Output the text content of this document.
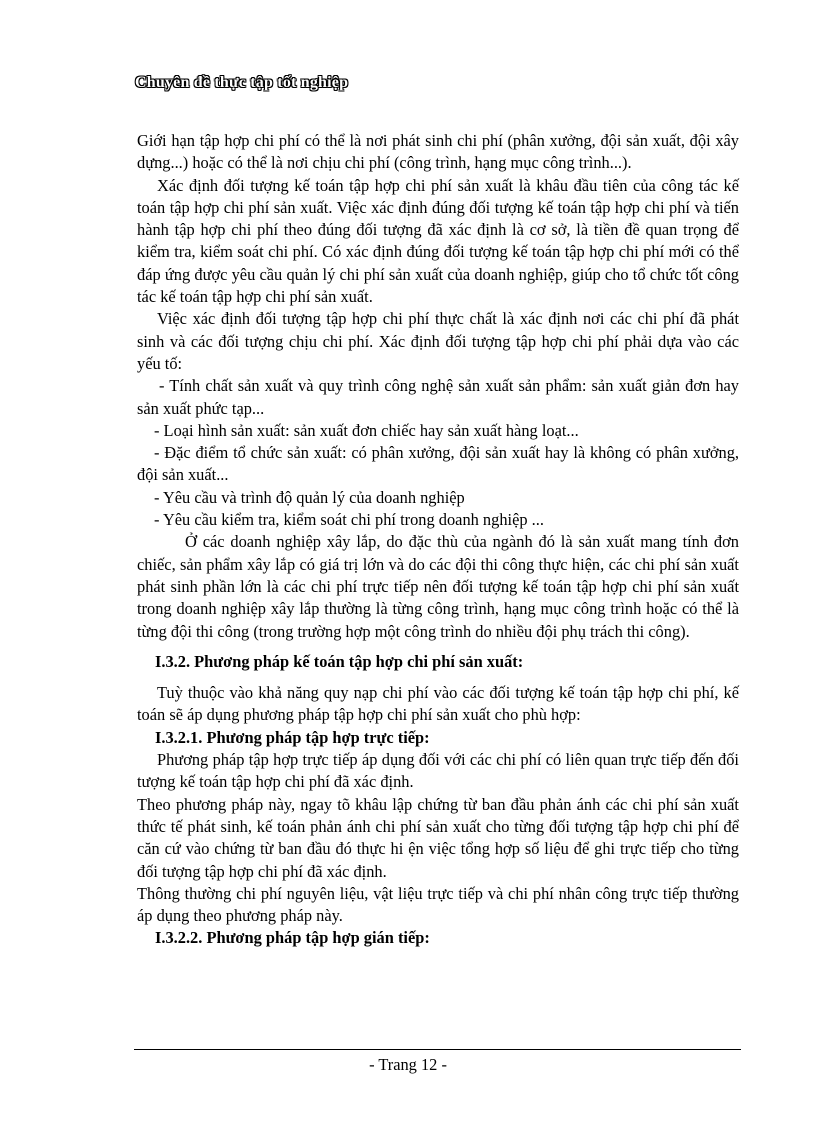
Chuyên đề thực tập tốt nghiệp

Giới hạn tập hợp chi phí có thể là nơi phát sinh chi phí (phân xưởng, đội sản xuất, đội xây dựng...) hoặc có thể là nơi chịu chi phí (công trình, hạng mục công trình...).

Xác định đối tượng kế toán tập hợp chi phí sản xuất là khâu đầu tiên của công tác kế toán tập hợp chi phí sản xuất. Việc xác định đúng đối tượng kế toán tập hợp chi phí và tiến hành tập hợp chi phí theo đúng đối tượng đã xác định là cơ sở, là tiền đề quan trọng để kiểm tra, kiểm soát chi phí. Có xác định đúng đối tượng kế toán tập hợp chi phí mới có thể đáp ứng được yêu cầu quản lý chi phí sản xuất của doanh nghiệp, giúp cho tổ chức tốt công tác kế toán tập hợp chi phí sản xuất.

Việc xác định đối tượng tập hợp chi phí thực chất là xác định nơi các chi phí đã phát sinh và các đối tượng chịu chi phí. Xác định đối tượng tập hợp chi phí phải dựa vào các yếu tố:

- Tính chất sản xuất và quy trình công nghệ sản xuất sản phẩm: sản xuất giản đơn hay sản xuất phức tạp...

- Loại hình sản xuất: sản xuất đơn chiếc hay sản xuất hàng loạt...

- Đặc điểm tổ chức sản xuất: có phân xưởng, đội sản xuất hay là không có phân xưởng, đội sản xuất...

- Yêu cầu và trình độ quản lý của doanh nghiệp

- Yêu cầu kiểm tra, kiểm soát chi phí trong doanh nghiệp ...

Ở các doanh nghiệp xây lắp, do đặc thù của ngành đó là sản xuất mang tính đơn chiếc, sản phẩm xây lắp có giá trị lớn và do các đội thi công thực hiện, các chi phí sản xuất phát sinh phần lớn là các chi phí trực tiếp nên đối tượng kế toán tập hợp chi phí sản xuất trong doanh nghiệp xây lắp thường là từng công trình, hạng mục công trình hoặc có thể là từng đội thi công (trong trường hợp một công trình do nhiều đội phụ trách thi công).

I.3.2. Phương pháp kế toán tập hợp chi phí sản xuất:

Tuỳ thuộc vào khả năng quy nạp chi phí vào các đối tượng kế toán tập hợp chi phí, kế toán sẽ áp dụng phương pháp tập hợp chi phí sản xuất cho phù hợp:

I.3.2.1. Phương pháp tập hợp trực tiếp:

Phương pháp tập hợp trực tiếp áp dụng đối với các chi phí có liên quan trực tiếp đến đối tượng kế toán tập hợp chi phí đã xác định.

Theo phương pháp này, ngay tõ khâu lập chứng từ ban đầu phản ánh các chi phí sản xuất thức tế phát sinh, kế toán phản ánh chi phí sản xuất cho từng đối tượng tập hợp chi phí để căn cứ vào chứng từ ban đầu đó thực hi ện việc tổng hợp số liệu để ghi trực tiếp cho từng đối tượng tập hợp chi phí đã xác định.

Thông thường chi phí nguyên liệu, vật liệu trực tiếp và chi phí nhân công trực tiếp thường áp dụng theo phương pháp này.

I.3.2.2. Phương pháp tập hợp gián tiếp:

- Trang 12 -
